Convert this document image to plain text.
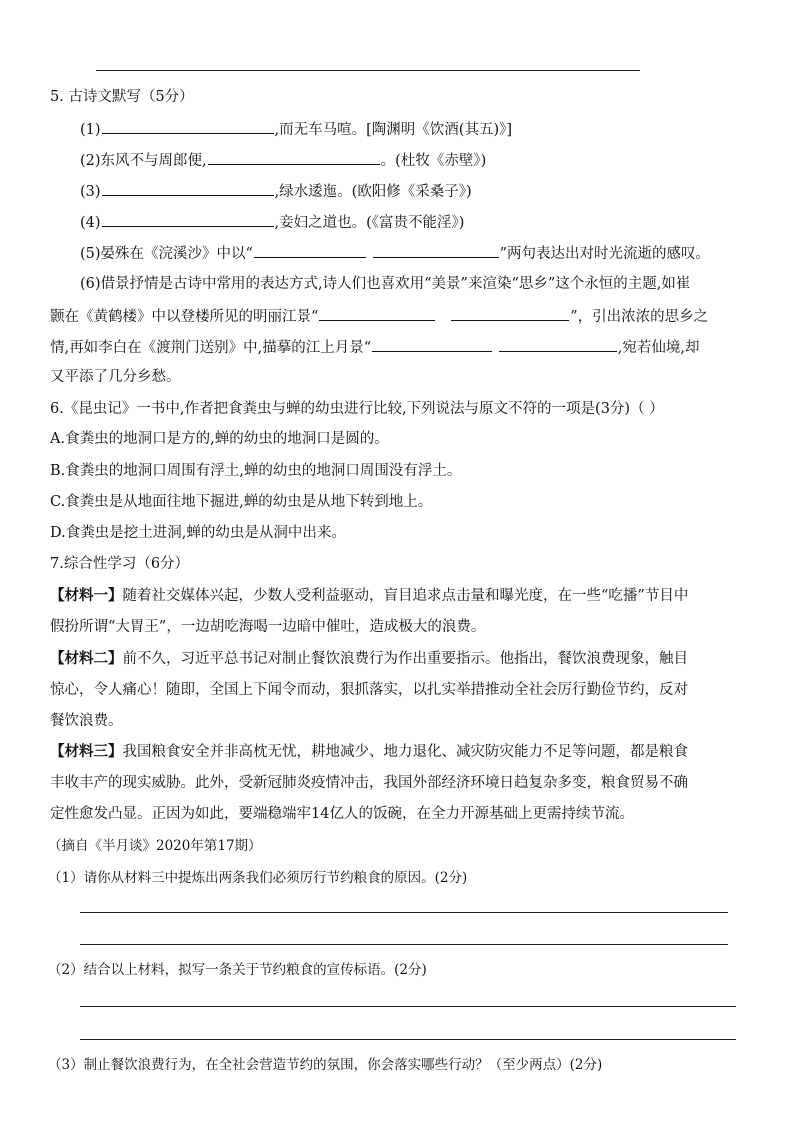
5. 古诗文默写（5分）
(1)	,而无车马喧。[陶渊明《饮酒(其五)》]
(2)东风不与周郎便,	。(杜牧《赤壁》)
(3)	,绿水逶迤。(欧阳修《采桑子》)
(4)	,妾妇之道也。(《富贵不能淫》)
(5)晏殊在《浣溪沙》中以“	”两句表达出对时光流逝的感叹。
(6)借景抒情是古诗中常用的表达方式,诗人们也喜欢用“美景”来渲染“思乡”这个永恒的主题,如崔
颢在《黄鹤楼》中以登楼所见的明丽江景“	”，引出浓浓的思乡之
情,再如李白在《渡荆门送别》中,描摹的江上月景“	,宛若仙境,却
又平添了几分乡愁。
6.《昆虫记》一书中,作者把食粪虫与蝉的幼虫进行比较,下列说法与原文不符的一项是(3分)（ ）
A.食粪虫的地洞口是方的,蝉的幼虫的地洞口是圆的。
B.食粪虫的地洞口周围有浮土,蝉的幼虫的地洞口周围没有浮土。
C.食粪虫是从地面往地下掘进,蝉的幼虫是从地下转到地上。
D.食粪虫是挖土进洞,蝉的幼虫是从洞中出来。
7.综合性学习（6分）
【材料一】随着社交媒体兴起，少数人受利益驱动，盲目追求点击量和曝光度，在一些“吃播”节目中
假扮所谓“大胃王”，一边胡吃海喝一边暗中催吐，造成极大的浪费。
【材料二】前不久，习近平总书记对制止餐饮浪费行为作出重要指示。他指出，餐饮浪费现象，触目
惊心，令人痛心！随即，全国上下闻令而动，狠抓落实，以扎实举措推动全社会厉行勤俭节约，反对
餐饮浪费。
【材料三】我国粮食安全并非高枕无忧，耕地减少、地力退化、减灾防灾能力不足等问题，都是粮食
丰收丰产的现实威胁。此外，受新冠肺炎疫情冲击，我国外部经济环境日趋复杂多变，粮食贸易不确
定性愈发凸显。正因为如此，要端稳端牢14亿人的饭碗，在全力开源基础上更需持续节流。
（摘自《半月谈》2020年第17期）
（1）请你从材料三中提炼出两条我们必须厉行节约粮食的原因。(2分)
（2）结合以上材料，拟写一条关于节约粮食的宣传标语。(2分)
（3）制止餐饮浪费行为，在全社会营造节约的氛围，你会落实哪些行动？（至少两点）(2分)
